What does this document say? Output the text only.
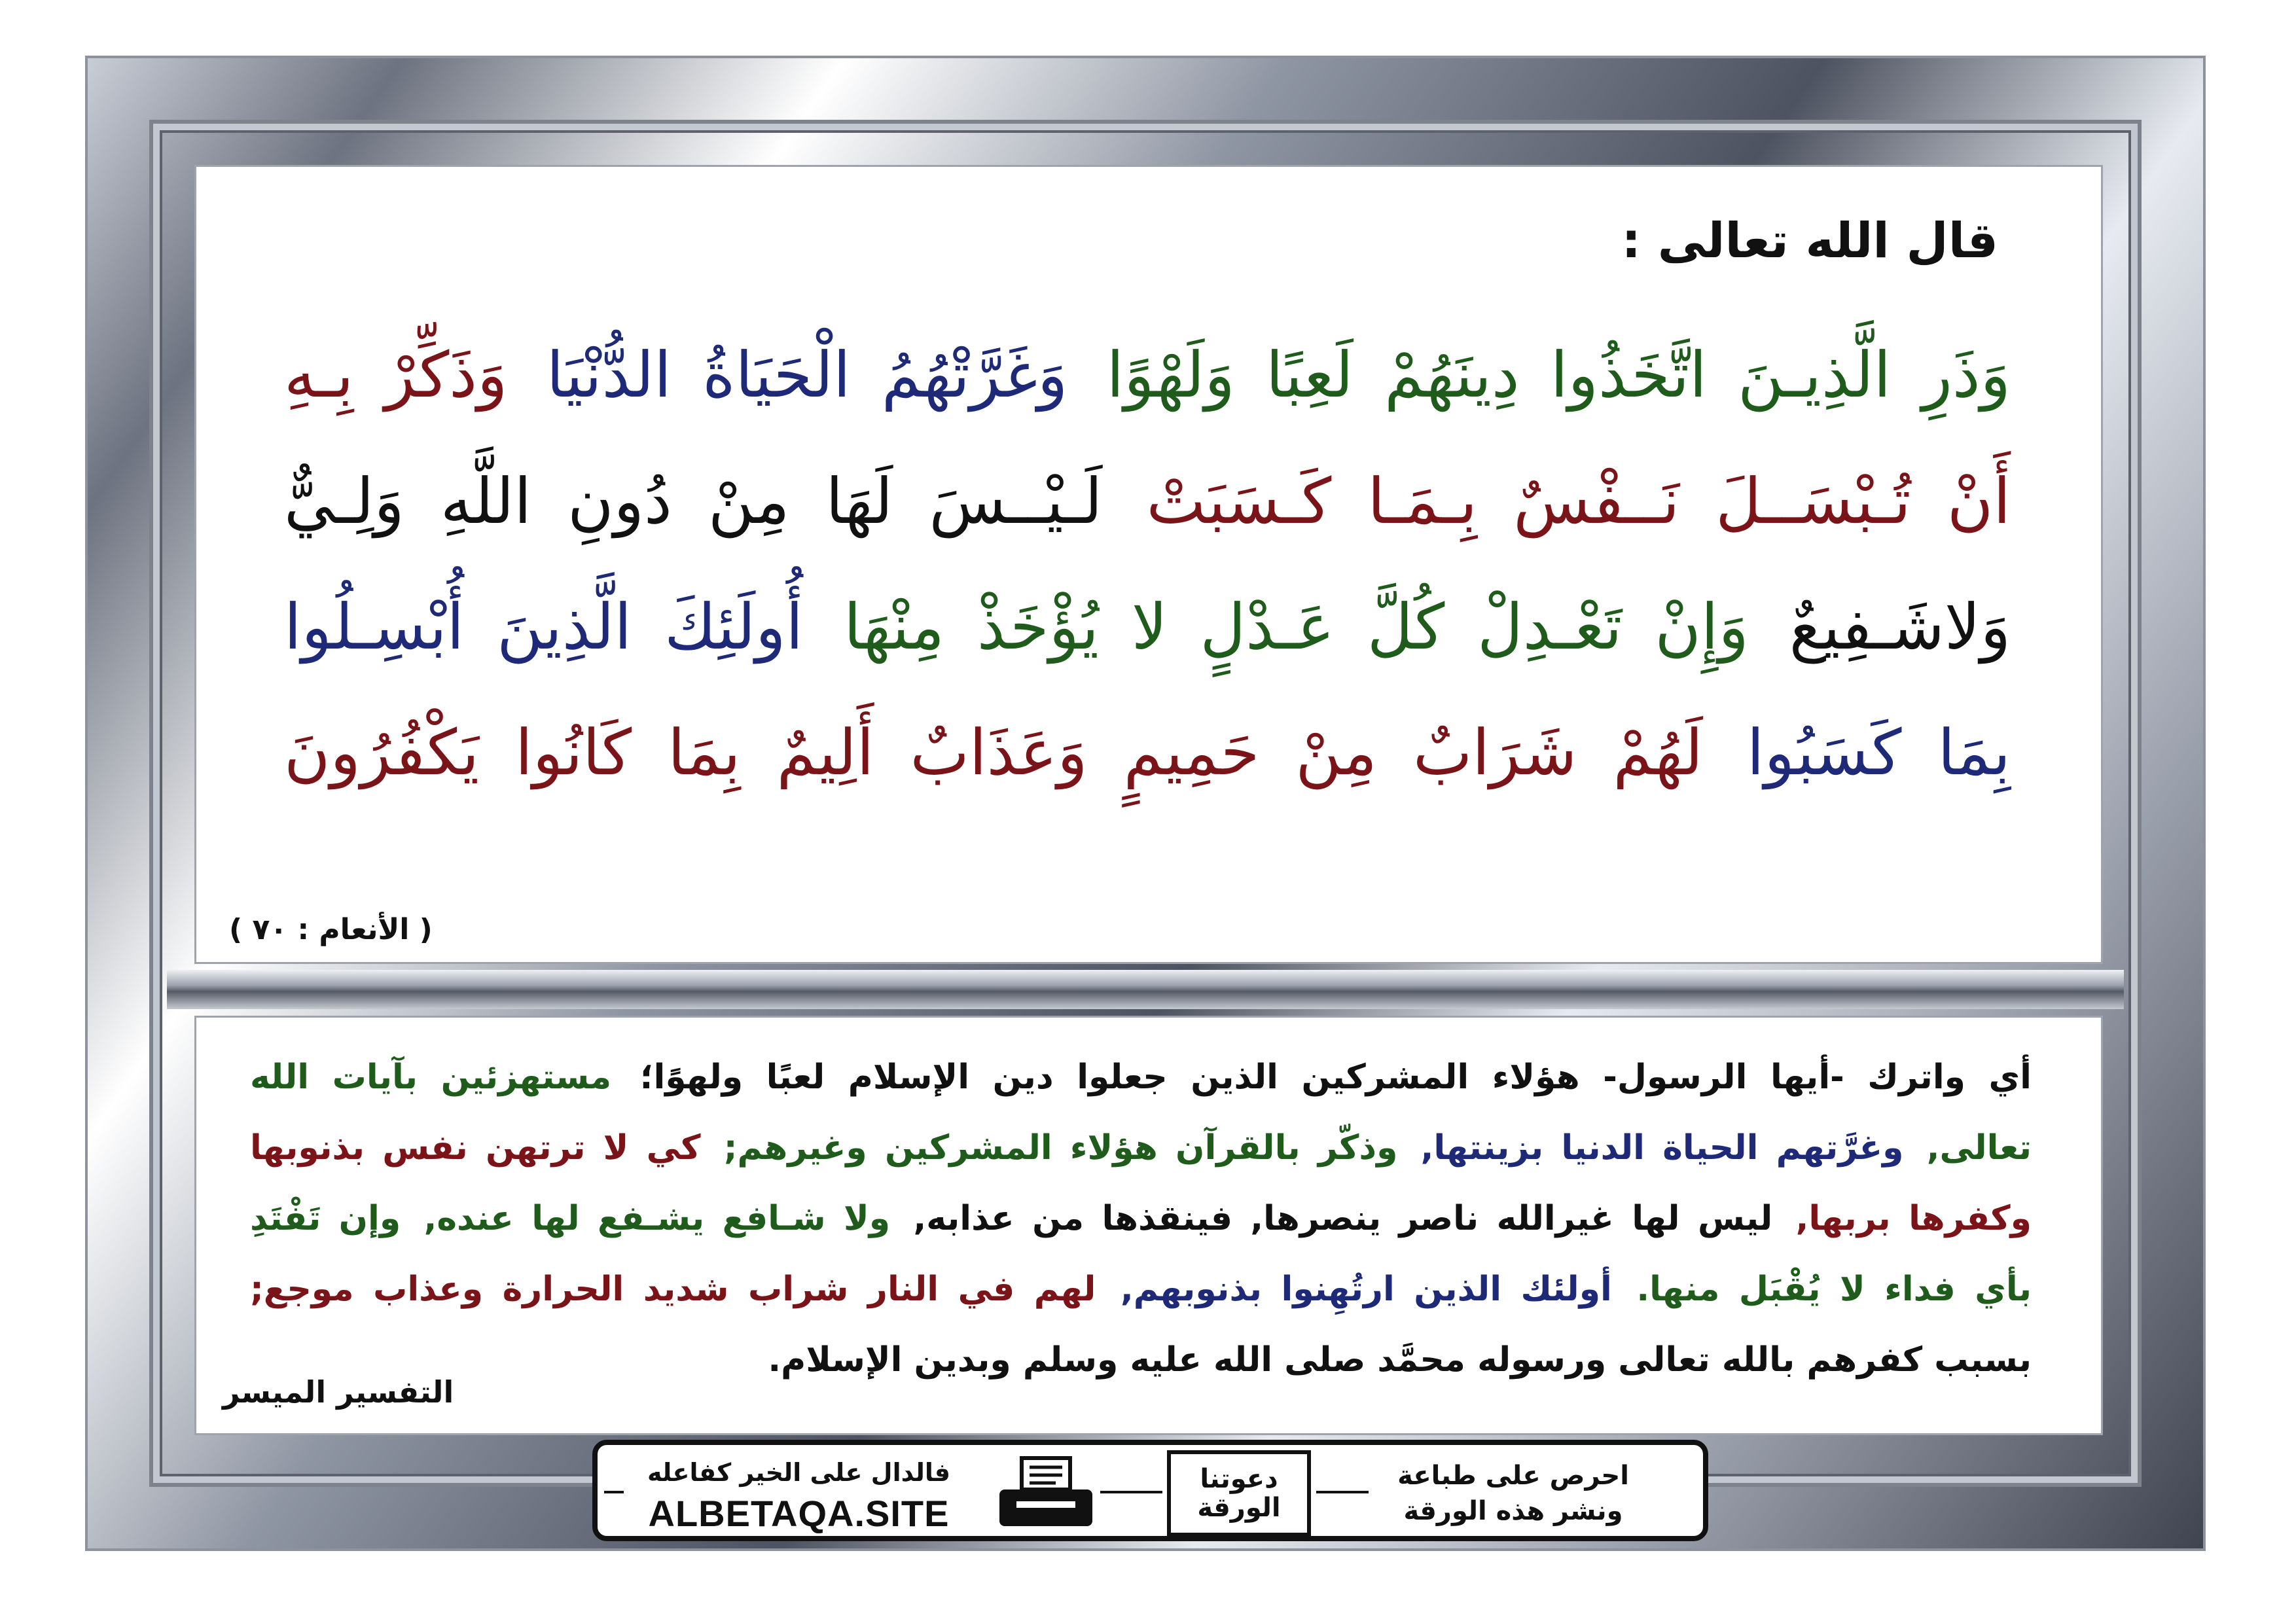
قال الله تعالى :
وَذَرِ الَّذِيـنَ اتَّخَذُوا دِينَهُمْ لَعِبًا وَلَهْوًا وَغَرَّتْهُمُ الْحَيَاةُ الدُّنْيَا وَذَكِّرْ بِـهِ
أَنْ تُـبْسَــلَ نَــفْسٌ بِـمَـا كَـسَبَتْ لَـيْــسَ لَهَا مِنْ دُونِ اللَّهِ وَلِـيٌّ
وَلاشَـفِيعٌ وَإِنْ تَعْـدِلْ كُلَّ عَـدْلٍ لا يُؤْخَذْ مِنْهَا أُولَئِكَ الَّذِينَ أُبْسِـلُوا
بِمَا كَسَبُوا لَهُمْ شَرَابٌ مِنْ حَمِيمٍ وَعَذَابٌ أَلِيمٌ بِمَا كَانُوا يَكْفُرُونَ
( الأنعام : ٧٠ )
أي واترك -أيها الرسول- هؤلاء المشركين الذين جعلوا دين الإسلام لعبًا ولهوًا؛ مستهزئين بآيات الله
تعالى, وغرَّتهم الحياة الدنيا بزينتها, وذكّر بالقرآن هؤلاء المشركين وغيرهم; كي لا ترتهن نفس بذنوبها
وكفرها بربها, ليس لها غيرالله ناصر ينصرها, فينقذها من عذابه, ولا شـافع يشـفع لها عنده, وإن تَفْتَدِ
بأي فداء لا يُقْبَل منها. أولئك الذين ارتُهِنوا بذنوبهم, لهم في النار شراب شديد الحرارة وعذاب موجع;
بسبب كفرهم بالله تعالى ورسوله محمَّد صلى الله عليه وسلم وبدين الإسلام.
التفسير الميسر
فالدال على الخير كفاعله
ALBETAQA.SITE
دعوتنا
الورقة
احرص على طباعة
ونشر هذه الورقة
